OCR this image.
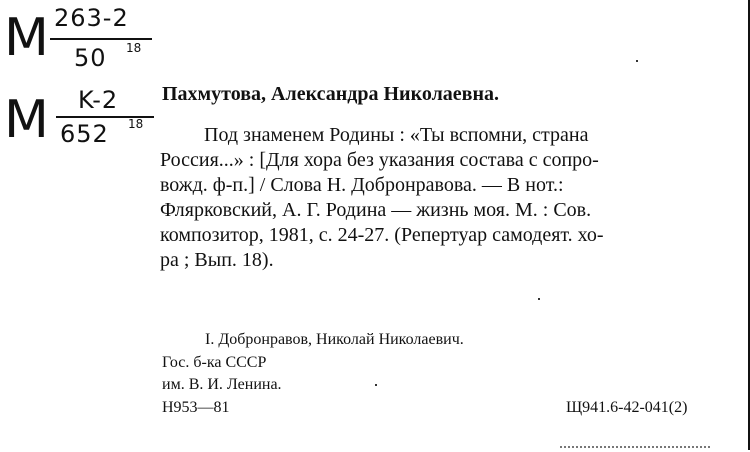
M 263-2
50 18
M K-2
652 18
Пахмутова, Александра Николаевна.
Под знаменем Родины : «Ты вспомни, страна
Россия...» : [Для хора без указания состава с сопро-
вожд. ф-п.] / Слова Н. Добронравова. — В нот.:
Флярковский, А. Г. Родина — жизнь моя. М. : Сов.
композитор, 1981, с. 24-27. (Репертуар самодеят. хо-
ра ; Вып. 18).
I. Добронравов, Николай Николаевич.
Гос. б-ка СССР
им. В. И. Ленина.
Н953—81	Щ941.6-42-041(2)
